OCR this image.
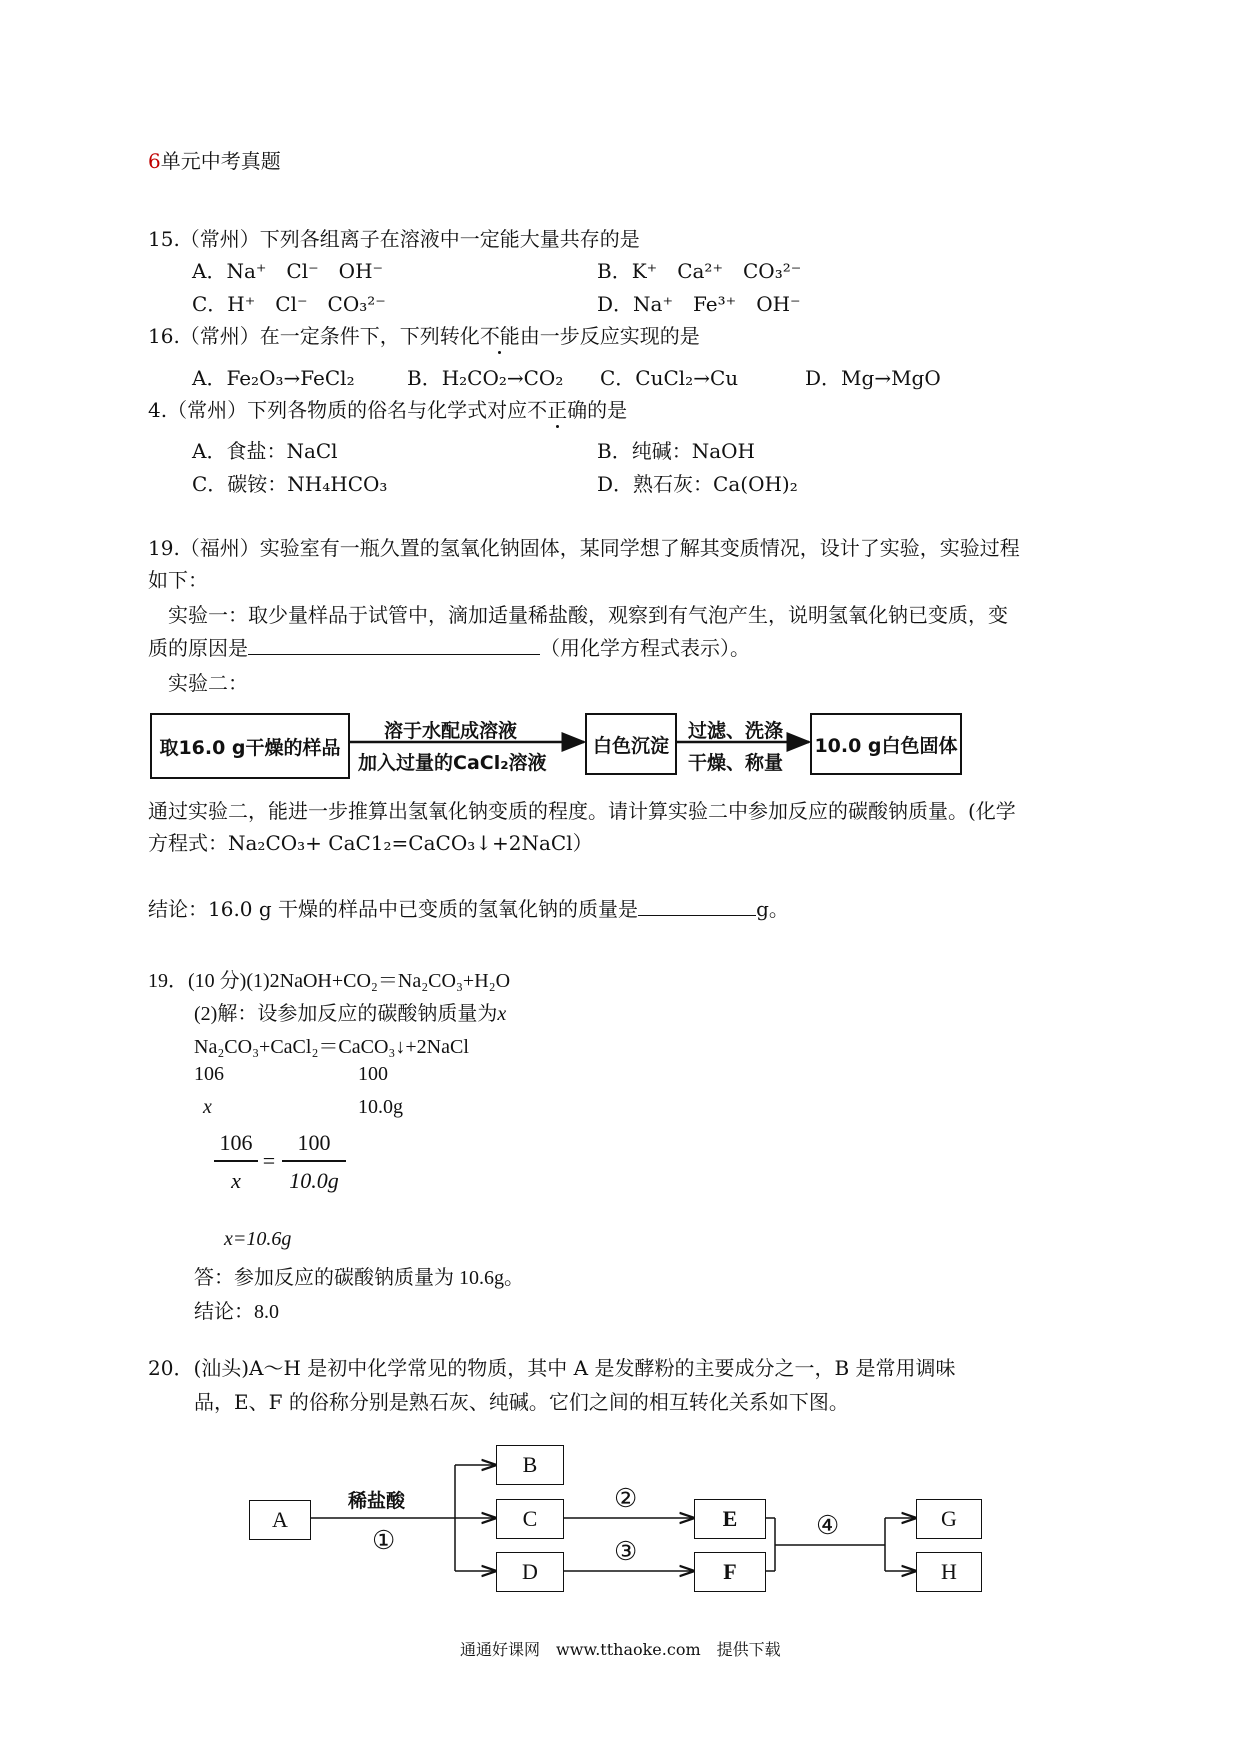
6单元中考真题
15.（常州）下列各组离子在溶液中一定能大量共存的是
A．Na⁺　Cl⁻　OH⁻	B．K⁺　Ca²⁺　CO₃²⁻
C．H⁺　Cl⁻　CO₃²⁻	D．Na⁺　Fe³⁺　OH⁻
16.（常州）在一定条件下，下列转化不能由一步反应实现的是
A．Fe₂O₃→FeCl₂	B．H₂CO₂→CO₂ C．CuCl₂→Cu	D．Mg→MgO
4.（常州）下列各物质的俗名与化学式对应不正确的是
A．食盐：NaCl	B．纯碱：NaOH
C．碳铵：NH₄HCO₃	D．熟石灰：Ca(OH)₂
19.（福州）实验室有一瓶久置的氢氧化钠固体，某同学想了解其变质情况，设计了实验，实验过程
如下：
实验一：取少量样品于试管中，滴加适量稀盐酸，观察到有气泡产生，说明氢氧化钠已变质，变
质的原因是	（用化学方程式表示）。
实验二：
取16.0 g干燥的样品
溶于水配成溶液
加入过量的CaCl₂溶液
白色沉淀
过滤、洗涤
干燥、称量
10.0 g白色固体
通过实验二，能进一步推算出氢氧化钠变质的程度。请计算实验二中参加反应的碳酸钠质量。(化学
方程式：Na₂CO₃+ CaC1₂=CaCO₃↓+2NaCl）
结论：16.0 g 干燥的样品中已变质的氢氧化钠的质量是	g。
19．(10 分)(1)2NaOH+CO₂＝Na₂CO₃+H₂O
(2)解：设参加反应的碳酸钠质量为x
Na₂CO₃+CaCl₂＝CaCO₃↓+2NaCl
106	100
x	10.0g
106
x
=
100
10.0g
x=10.6g
答：参加反应的碳酸钠质量为 10.6g。
结论：8.0
20．(汕头)A～H 是初中化学常见的物质，其中 A 是发酵粉的主要成分之一，B 是常用调味
品，E、F 的俗称分别是熟石灰、纯碱。它们之间的相互转化关系如下图。
A
B
C
D
E
F
G
H
稀盐酸
①
②
③
④
通通好课网　www.tthaoke.com　提供下载
